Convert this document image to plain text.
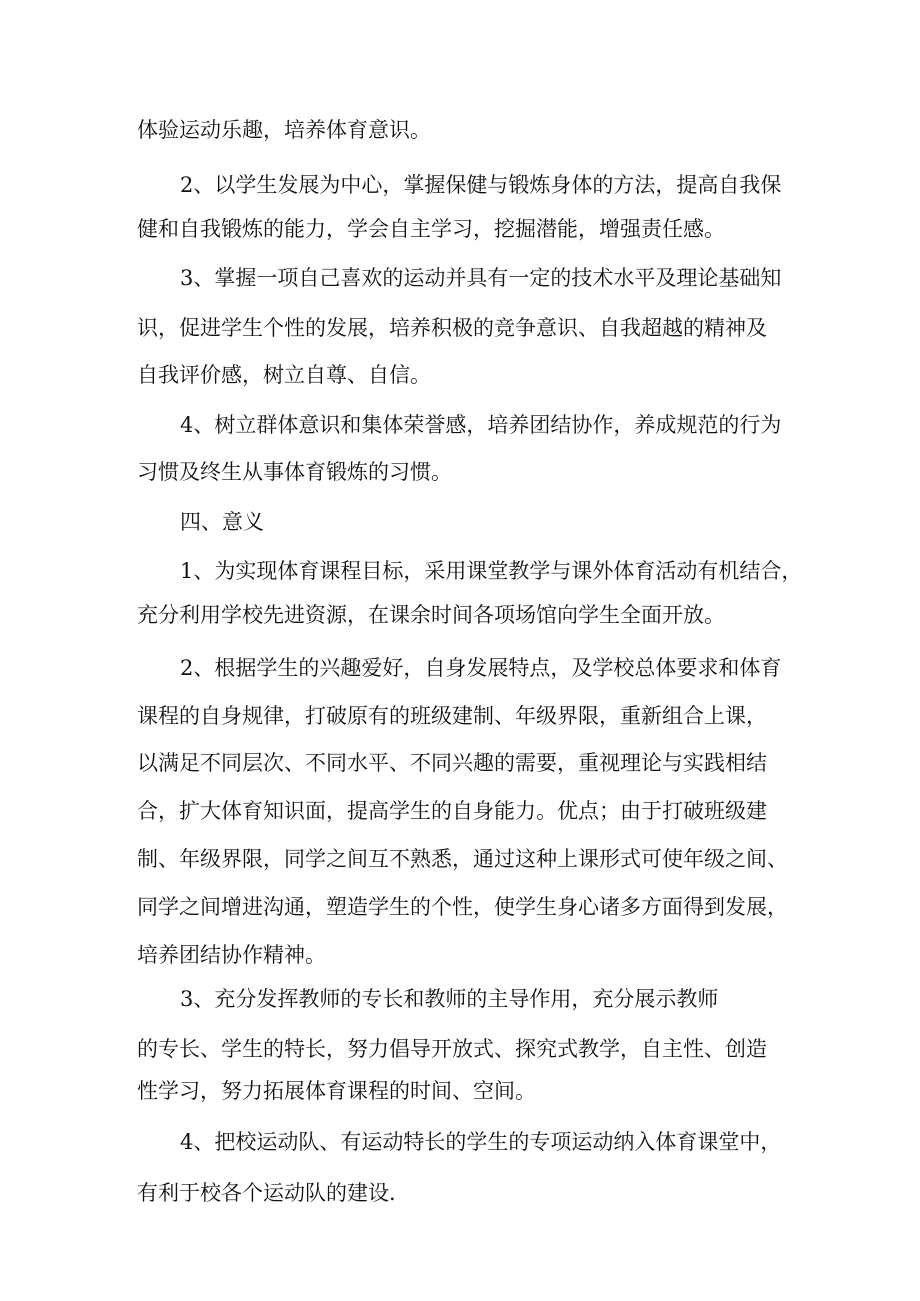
体验运动乐趣，培养体育意识。
2、以学生发展为中心，掌握保健与锻炼身体的方法，提高自我保
健和自我锻炼的能力，学会自主学习，挖掘潜能，增强责任感。
3、掌握一项自己喜欢的运动并具有一定的技术水平及理论基础知
识，促进学生个性的发展，培养积极的竞争意识、自我超越的精神及
自我评价感，树立自尊、自信。
4、树立群体意识和集体荣誉感，培养团结协作，养成规范的行为
习惯及终生从事体育锻炼的习惯。
四、意义
1、为实现体育课程目标，采用课堂教学与课外体育活动有机结合，
充分利用学校先进资源，在课余时间各项场馆向学生全面开放。
2、根据学生的兴趣爱好，自身发展特点，及学校总体要求和体育
课程的自身规律，打破原有的班级建制、年级界限，重新组合上课，
以满足不同层次、不同水平、不同兴趣的需要，重视理论与实践相结
合，扩大体育知识面，提高学生的自身能力。优点；由于打破班级建
制、年级界限，同学之间互不熟悉，通过这种上课形式可使年级之间、
同学之间增进沟通，塑造学生的个性，使学生身心诸多方面得到发展，
培养团结协作精神。
3、充分发挥教师的专长和教师的主导作用，充分展示教师
的专长、学生的特长，努力倡导开放式、探究式教学，自主性、创造
性学习，努力拓展体育课程的时间、空间。
4、把校运动队、有运动特长的学生的专项运动纳入体育课堂中，
有利于校各个运动队的建设.
